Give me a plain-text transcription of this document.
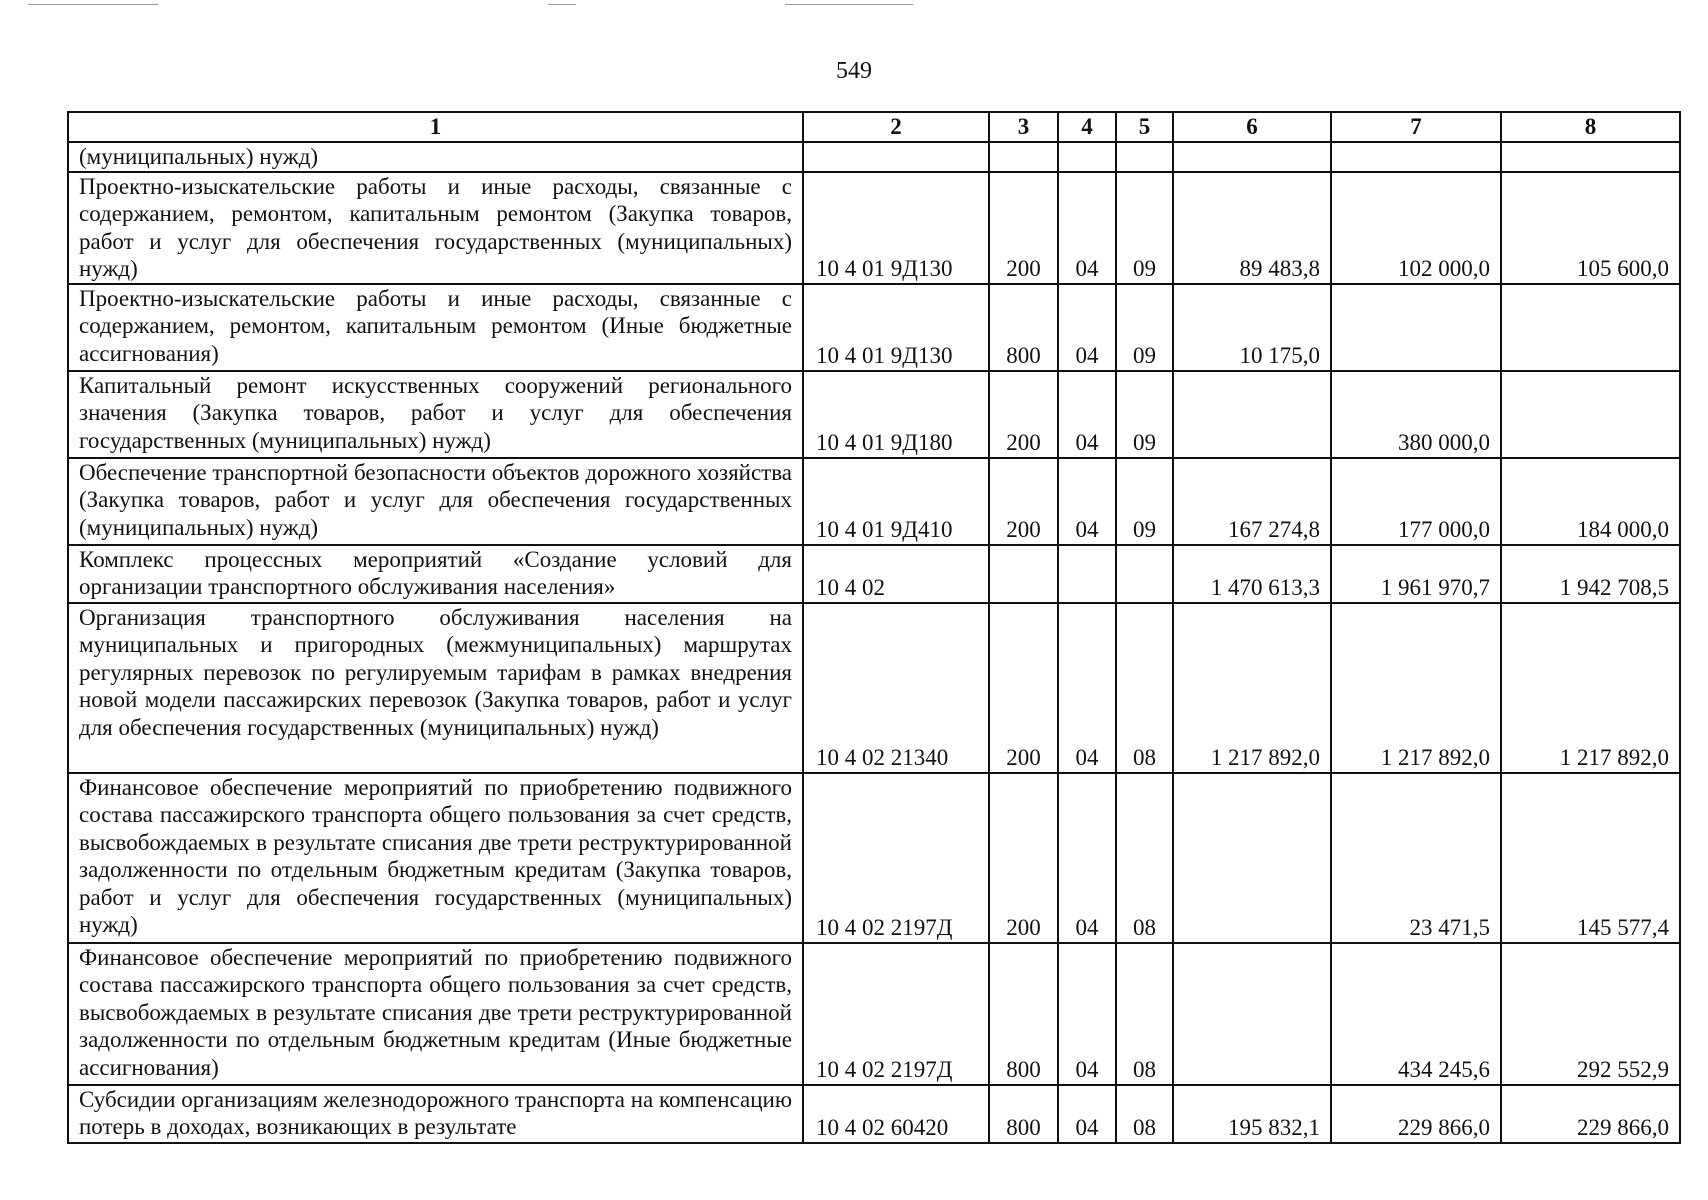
549
1	2	3	4	5	6	7	8
(муниципальных) нужд)							
Проектно-изыскательские работы и иные расходы, связанные с содержанием, ремонтом, капитальным ремонтом (Закупка товаров, работ и услуг для обеспечения государственных (муниципальных) нужд)	10 4 01 9Д130	200	04	09	89 483,8	102 000,0	105 600,0
Проектно-изыскательские работы и иные расходы, связанные с содержанием, ремонтом, капитальным ремонтом (Иные бюджетные ассигнования)	10 4 01 9Д130	800	04	09	10 175,0		
Капитальный ремонт искусственных сооружений регионального значения (Закупка товаров, работ и услуг для обеспечения государственных (муниципальных) нужд)	10 4 01 9Д180	200	04	09		380 000,0	
Обеспечение транспортной безопасности объектов дорожного хозяйства (Закупка товаров, работ и услуг для обеспечения государственных (муниципальных) нужд)	10 4 01 9Д410	200	04	09	167 274,8	177 000,0	184 000,0
Комплекс процессных мероприятий «Создание условий для организации транспортного обслуживания населения»	10 4 02				1 470 613,3	1 961 970,7	1 942 708,5
Организация транспортного обслуживания населения на муниципальных и пригородных (межмуниципальных) маршрутах регулярных перевозок по регулируемым тарифам в рамках внедрения новой модели пассажирских перевозок (Закупка товаров, работ и услуг для обеспечения государственных (муниципальных) нужд)	10 4 02 21340	200	04	08	1 217 892,0	1 217 892,0	1 217 892,0
Финансовое обеспечение мероприятий по приобретению подвижного состава пассажирского транспорта общего пользования за счет средств, высвобождаемых в результате списания две трети реструктурированной задолженности по отдельным бюджетным кредитам (Закупка товаров, работ и услуг для обеспечения государственных (муниципальных) нужд)	10 4 02 2197Д	200	04	08		23 471,5	145 577,4
Финансовое обеспечение мероприятий по приобретению подвижного состава пассажирского транспорта общего пользования за счет средств, высвобождаемых в результате списания две трети реструктурированной задолженности по отдельным бюджетным кредитам (Иные бюджетные ассигнования)	10 4 02 2197Д	800	04	08		434 245,6	292 552,9
Субсидии организациям железнодорожного транспорта на компенсацию потерь в доходах, возникающих в результате	10 4 02 60420	800	04	08	195 832,1	229 866,0	229 866,0
